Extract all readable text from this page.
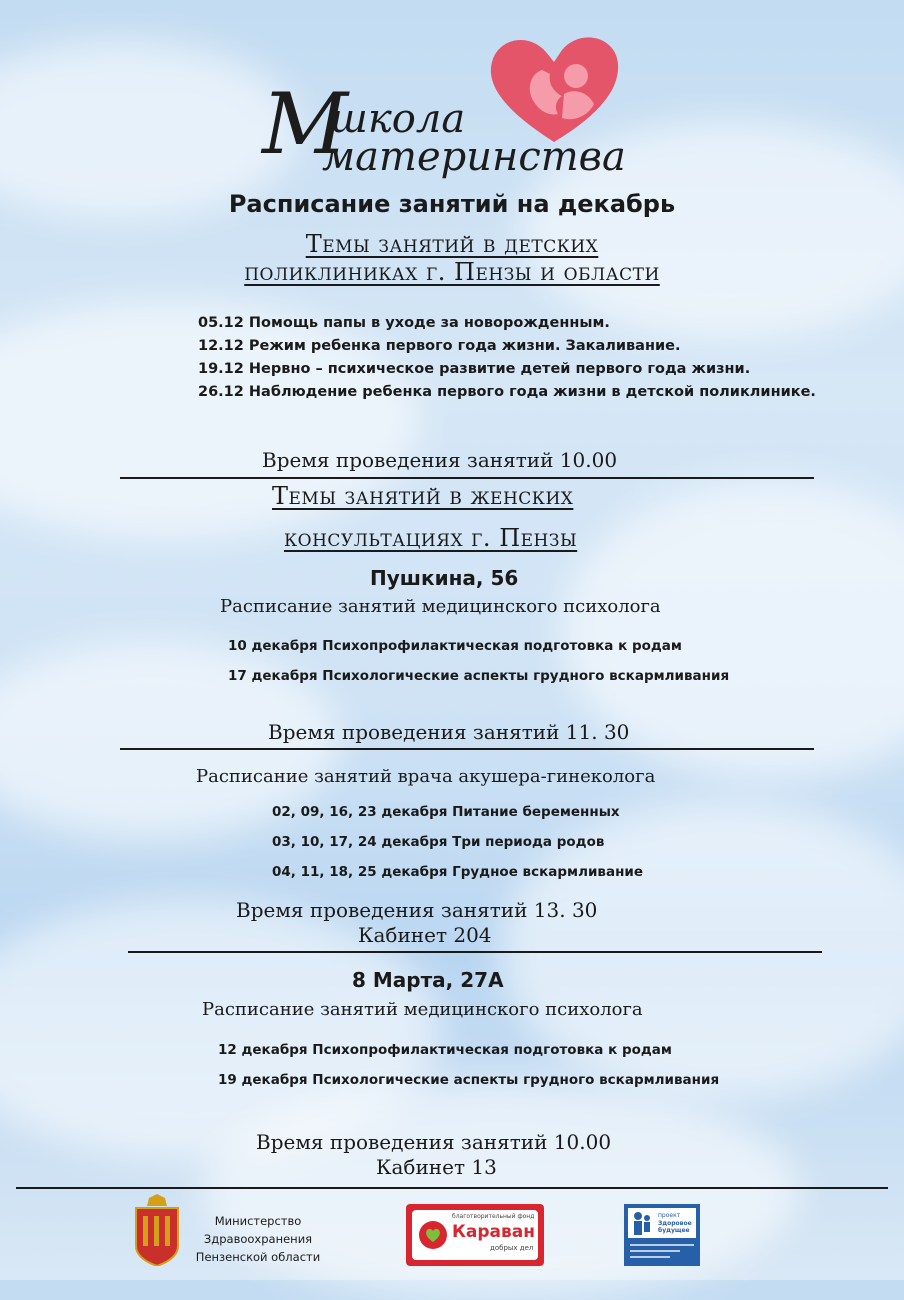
М
школа
материнства
Расписание занятий на декабрь
Темы занятий в детских
поликлиниках г. Пензы и области
05.12 Помощь папы в уходе за новорожденным.
12.12 Режим ребенка первого года жизни. Закаливание.
19.12 Нервно – психическое развитие детей первого года жизни.
26.12 Наблюдение ребенка первого года жизни в детской поликлинике.
Время проведения занятий 10.00
Темы занятий в женских
консультациях г. Пензы
Пушкина, 56
Расписание занятий медицинского психолога
10 декабря Психопрофилактическая подготовка к родам
17 декабря Психологические аспекты грудного вскармливания
Время проведения занятий 11. 30
Расписание занятий врача акушера-гинеколога
02, 09, 16, 23 декабря Питание беременных
03, 10, 17, 24 декабря Три периода родов
04, 11, 18, 25 декабря Грудное вскармливание
Время проведения занятий 13. 30
Кабинет 204
8 Марта, 27А
Расписание занятий медицинского психолога
12 декабря Психопрофилактическая подготовка к родам
19 декабря Психологические аспекты грудного вскармливания
Время проведения занятий 10.00
Кабинет 13
Министерство
Здравоохранения
Пензенской области
благотворительный фонд
Караван
добрых дел
проект
Здоровое будущее
